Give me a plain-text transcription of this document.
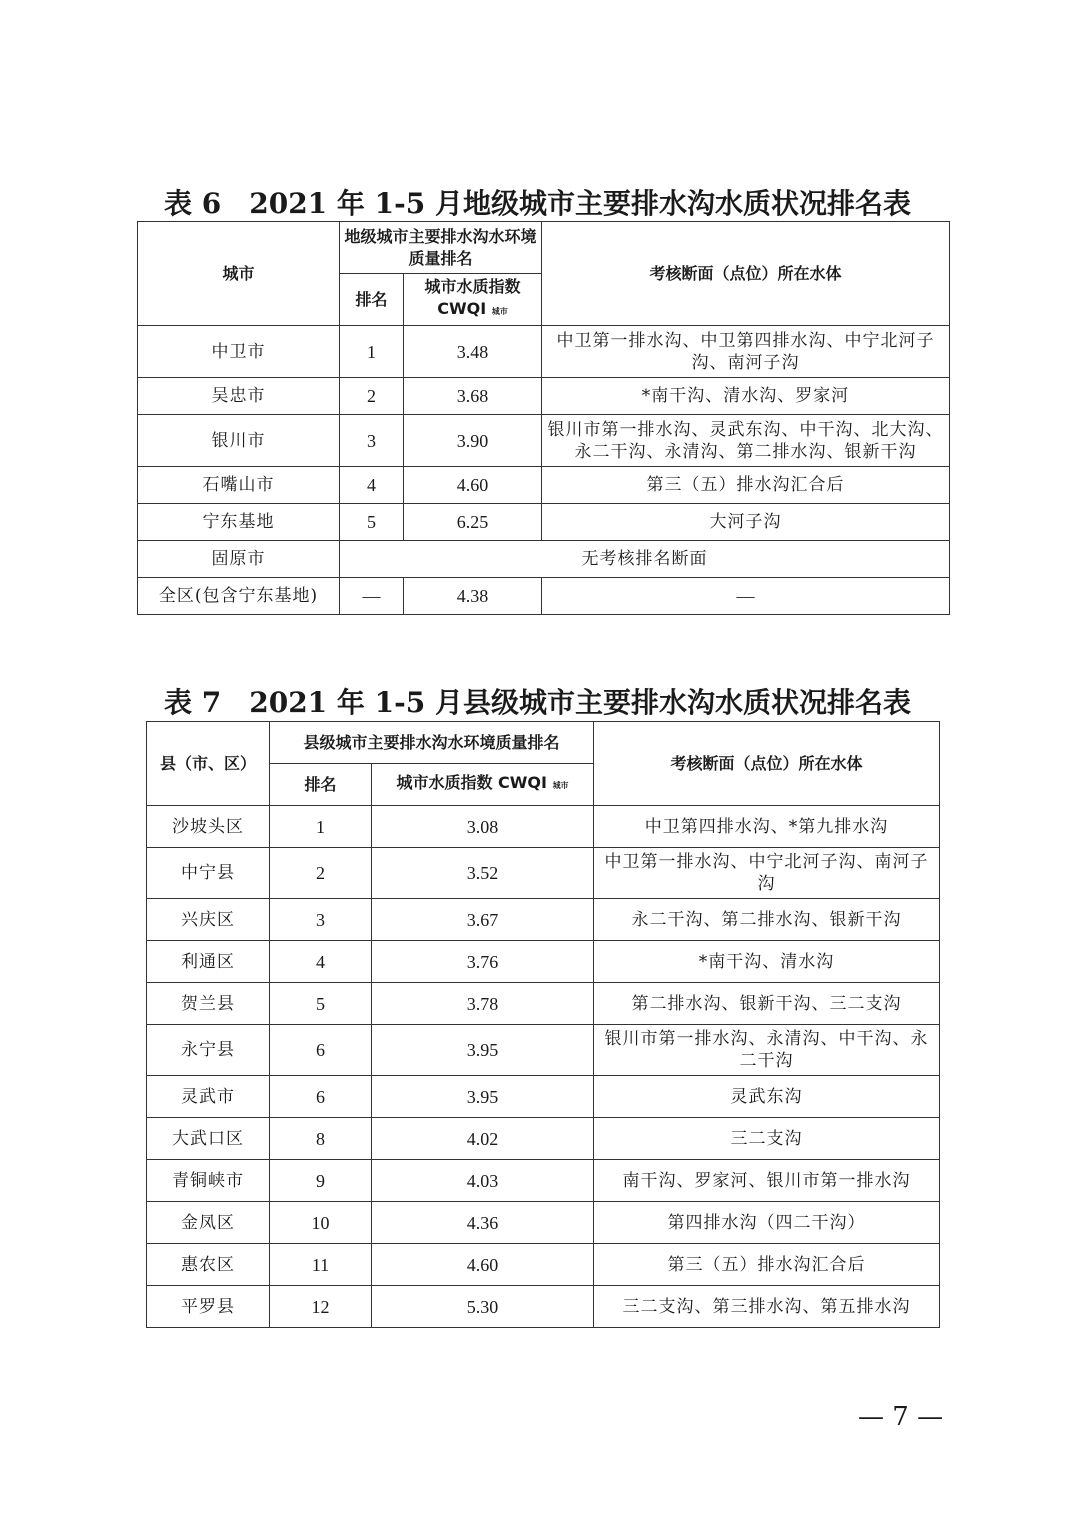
表 6　2021 年 1-5 月地级城市主要排水沟水质状况排名表
城市	地级城市主要排水沟水环境质量排名		考核断面（点位）所在水体
	排名	城市水质指数
CWQI 城市	
中卫市	1	3.48	中卫第一排水沟、中卫第四排水沟、中宁北河子沟、南河子沟
吴忠市	2	3.68	*南干沟、清水沟、罗家河
银川市	3	3.90	银川市第一排水沟、灵武东沟、中干沟、北大沟、永二干沟、永清沟、第二排水沟、银新干沟
石嘴山市	4	4.60	第三（五）排水沟汇合后
宁东基地	5	6.25	大河子沟
固原市	无考核排名断面		
全区(包含宁东基地)	—	4.38	—
表 7　2021 年 1-5 月县级城市主要排水沟水质状况排名表
县（市、区）	县级城市主要排水沟水环境质量排名		考核断面（点位）所在水体
	排名	城市水质指数 CWQI 城市	
沙坡头区	1	3.08	中卫第四排水沟、*第九排水沟
中宁县	2	3.52	中卫第一排水沟、中宁北河子沟、南河子沟
兴庆区	3	3.67	永二干沟、第二排水沟、银新干沟
利通区	4	3.76	*南干沟、清水沟
贺兰县	5	3.78	第二排水沟、银新干沟、三二支沟
永宁县	6	3.95	银川市第一排水沟、永清沟、中干沟、永二干沟
灵武市	6	3.95	灵武东沟
大武口区	8	4.02	三二支沟
青铜峡市	9	4.03	南干沟、罗家河、银川市第一排水沟
金凤区	10	4.36	第四排水沟（四二干沟）
惠农区	11	4.60	第三（五）排水沟汇合后
平罗县	12	5.30	三二支沟、第三排水沟、第五排水沟
— 7 —
